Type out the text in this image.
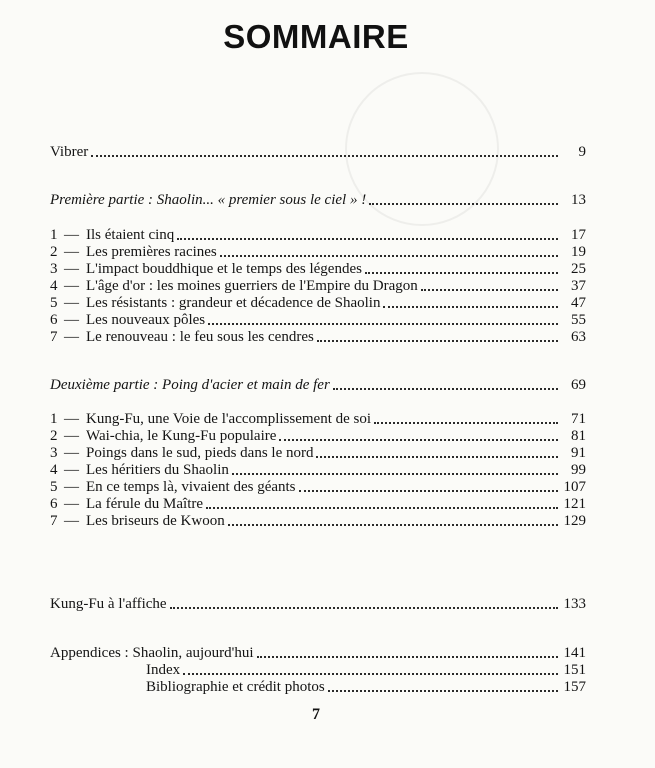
SOMMAIRE
Vibrer	9
Première partie : Shaolin... « premier sous le ciel » !	13
1 — Ils étaient cinq	17
2 — Les premières racines	19
3 — L'impact bouddhique et le temps des légendes	25
4 — L'âge d'or : les moines guerriers de l'Empire du Dragon	37
5 — Les résistants : grandeur et décadence de Shaolin	47
6 — Les nouveaux pôles	55
7 — Le renouveau : le feu sous les cendres	63
Deuxième partie : Poing d'acier et main de fer	69
1 — Kung-Fu, une Voie de l'accomplissement de soi	71
2 — Wai-chia, le Kung-Fu populaire	81
3 — Poings dans le sud, pieds dans le nord	91
4 — Les héritiers du Shaolin	99
5 — En ce temps là, vivaient des géants	107
6 — La férule du Maître	121
7 — Les briseurs de Kwoon	129
Kung-Fu à l'affiche	133
Appendices : Shaolin, aujourd'hui	141
Index	151
Bibliographie et crédit photos	157
7
